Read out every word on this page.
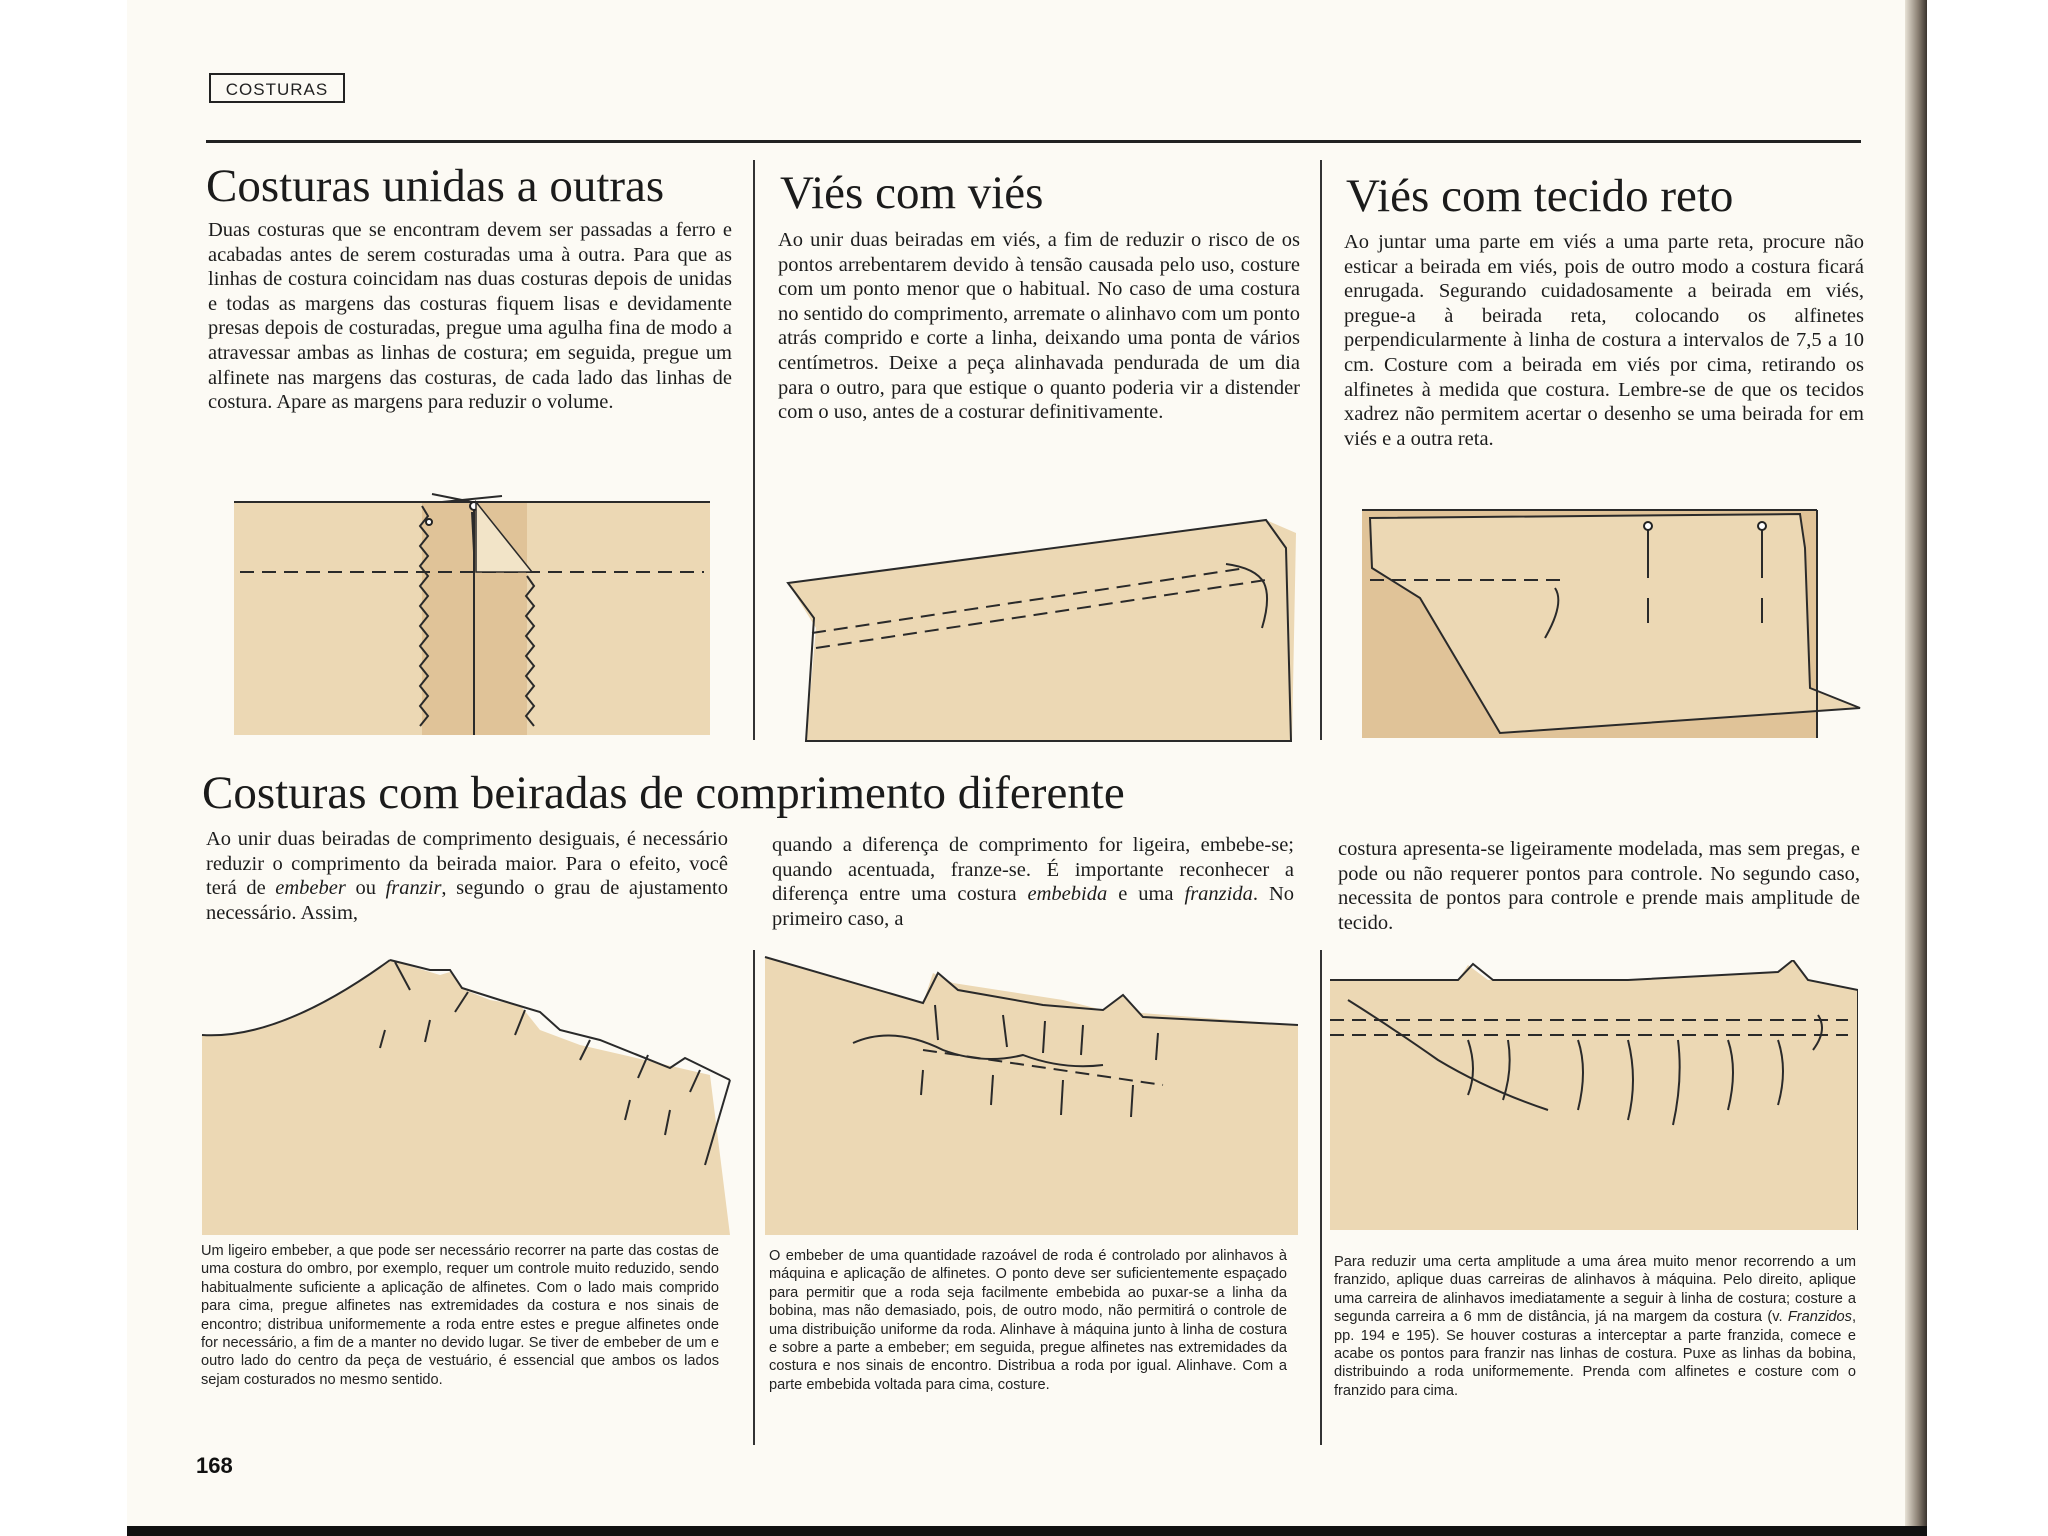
COSTURAS
Costuras unidas a outras
Duas costuras que se encontram devem ser passadas a ferro e acabadas antes de serem costuradas uma à outra. Para que as linhas de costura coincidam nas duas costuras depois de unidas e todas as margens das costuras fiquem lisas e devidamente presas depois de costuradas, pregue uma agulha fina de modo a atravessar ambas as linhas de costura; em seguida, pregue um alfinete nas margens das costuras, de cada lado das linhas de costura. Apare as margens para reduzir o volume.
Viés com viés
Ao unir duas beiradas em viés, a fim de reduzir o risco de os pontos arrebentarem devido à tensão causada pelo uso, costure com um ponto menor que o habitual. No caso de uma costura no sentido do comprimento, arremate o alinhavo com um ponto atrás comprido e corte a linha, deixando uma ponta de vários centímetros. Deixe a peça alinhavada pendurada de um dia para o outro, para que estique o quanto poderia vir a distender com o uso, antes de a costurar definitivamente.
Viés com tecido reto
Ao juntar uma parte em viés a uma parte reta, procure não esticar a beirada em viés, pois de outro modo a costura ficará enrugada. Segurando cuidadosamente a beirada em viés, pregue-a à beirada reta, colocando os alfinetes perpendicularmente à linha de costura a intervalos de 7,5 a 10 cm. Costure com a beirada em viés por cima, retirando os alfinetes à medida que costura. Lembre-se de que os tecidos xadrez não permitem acertar o desenho se uma beirada for em viés e a outra reta.
Costuras com beiradas de comprimento diferente
Ao unir duas beiradas de comprimento desiguais, é necessário reduzir o comprimento da beirada maior. Para o efeito, você terá de embeber ou franzir, segundo o grau de ajustamento necessário. Assim,
quando a diferença de comprimento for ligeira, embebe-se; quando acentuada, franze-se. É importante reconhecer a diferença entre uma costura embebida e uma franzida. No primeiro caso, a
costura apresenta-se ligeiramente modelada, mas sem pregas, e pode ou não requerer pontos para controle. No segundo caso, necessita de pontos para controle e prende mais amplitude de tecido.
Um ligeiro embeber, a que pode ser necessário recorrer na parte das costas de uma costura do ombro, por exemplo, requer um controle muito reduzido, sendo habitualmente suficiente a aplicação de alfinetes. Com o lado mais comprido para cima, pregue alfinetes nas extremidades da costura e nos sinais de encontro; distribua uniformemente a roda entre estes e pregue alfinetes onde for necessário, a fim de a manter no devido lugar. Se tiver de embeber de um e outro lado do centro da peça de vestuário, é essencial que ambos os lados sejam costurados no mesmo sentido.
O embeber de uma quantidade razoável de roda é controlado por alinhavos à máquina e aplicação de alfinetes. O ponto deve ser suficientemente espaçado para permitir que a roda seja facilmente embebida ao puxar-se a linha da bobina, mas não demasiado, pois, de outro modo, não permitirá o controle de uma distribuição uniforme da roda. Alinhave à máquina junto à linha de costura e sobre a parte a embeber; em seguida, pregue alfinetes nas extremidades da costura e nos sinais de encontro. Distribua a roda por igual. Alinhave. Com a parte embebida voltada para cima, costure.
Para reduzir uma certa amplitude a uma área muito menor recorrendo a um franzido, aplique duas carreiras de alinhavos à máquina. Pelo direito, aplique uma carreira de alinhavos imediatamente a seguir à linha de costura; costure a segunda carreira a 6 mm de distância, já na margem da costura (v. Franzidos, pp. 194 e 195). Se houver costuras a interceptar a parte franzida, comece e acabe os pontos para franzir nas linhas de costura. Puxe as linhas da bobina, distribuindo a roda uniformemente. Prenda com alfinetes e costure com o franzido para cima.
168
